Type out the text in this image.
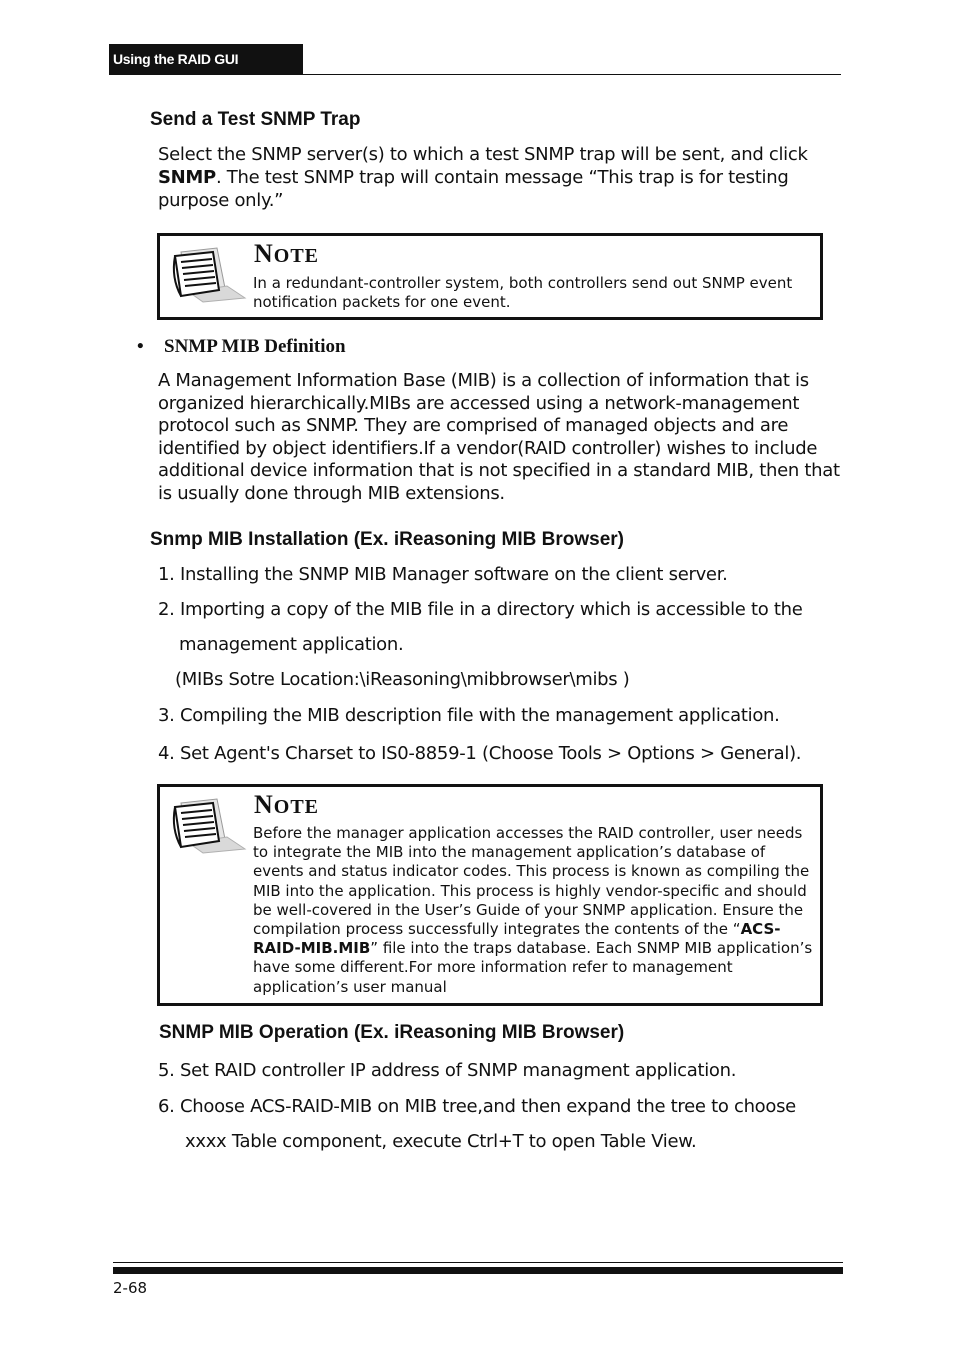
Using the RAID GUI
Send a Test SNMP Trap
Select the SNMP server(s) to which a test SNMP trap will be sent, and click SNMP. The test SNMP trap will contain message “This trap is for testing purpose only.”
NOTE
In a redundant-controller system, both controllers send out SNMP event notification packets for one event.
• SNMP MIB Definition
A Management Information Base (MIB) is a collection of information that is organized hierarchically.MIBs are accessed using a network-management protocol such as SNMP. They are comprised of managed objects and are identified by object identifiers.If a vendor(RAID controller) wishes to include additional device information that is not specified in a standard MIB, then that is usually done through MIB extensions.
Snmp MIB Installation (Ex. iReasoning MIB Browser)
1. Installing the SNMP MIB Manager software on the client server.
2. Importing a copy of the MIB file in a directory which is accessible to the
management application.
(MIBs Sotre Location:\iReasoning\mibbrowser\mibs )
3. Compiling the MIB description file with the management application.
4. Set Agent's Charset to IS0-8859-1 (Choose Tools > Options > General).
NOTE
Before the manager application accesses the RAID controller, user needs to integrate the MIB into the management application’s database of events and status indicator codes. This process is known as compiling the MIB into the application. This process is highly vendor-specific and should be well-covered in the User’s Guide of your SNMP application. Ensure the compilation process successfully integrates the contents of the “ACS-RAID-MIB.MIB” file into the traps database. Each SNMP MIB application’s have some different.For more information refer to management application’s user manual
SNMP MIB Operation (Ex. iReasoning MIB Browser)
5. Set RAID controller IP address of SNMP managment application.
6. Choose ACS-RAID-MIB on MIB tree,and then expand the tree to choose
xxxx Table component, execute Ctrl+T to open Table View.
2-68
